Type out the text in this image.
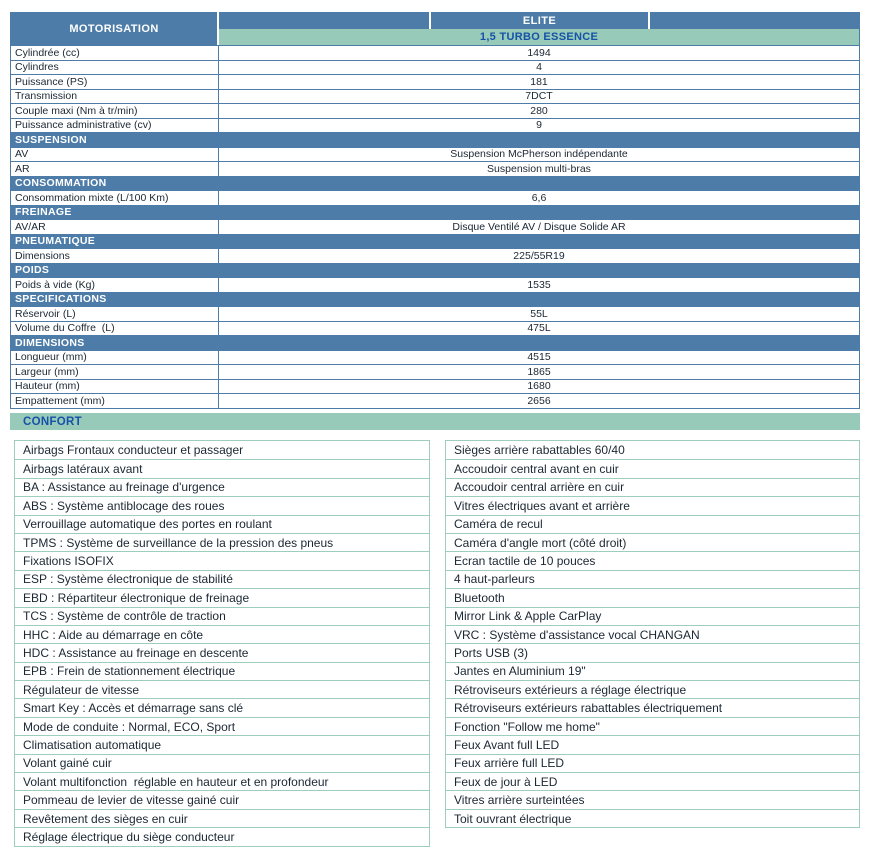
MOTORISATION
ELITE
1,5 TURBO ESSENCE
Cylindrée (cc)	1494
Cylindres	4
Puissance (PS)	181
Transmission	7DCT
Couple maxi (Nm à tr/min)	280
Puissance administrative (cv)	9
SUSPENSION
AV	Suspension McPherson indépendante
AR	Suspension multi-bras
CONSOMMATION
Consommation mixte (L/100 Km)	6,6
FREINAGE
AV/AR	Disque Ventilé AV / Disque Solide AR
PNEUMATIQUE
Dimensions	225/55R19
POIDS
Poids à vide (Kg)	1535
SPECIFICATIONS
Réservoir (L)	55L
Volume du Coffre  (L)	475L
DIMENSIONS
Longueur (mm)	4515
Largeur (mm)	1865
Hauteur (mm)	1680
Empattement (mm)	2656
CONFORT
Airbags Frontaux conducteur et passager
Airbags latéraux avant
BA : Assistance au freinage d'urgence
ABS : Système antiblocage des roues
Verrouillage automatique des portes en roulant
TPMS : Système de surveillance de la pression des pneus
Fixations ISOFIX
ESP : Système électronique de stabilité
EBD : Répartiteur électronique de freinage
TCS : Système de contrôle de traction
HHC : Aide au démarrage en côte
HDC : Assistance au freinage en descente
EPB : Frein de stationnement électrique
Régulateur de vitesse
Smart Key : Accès et démarrage sans clé
Mode de conduite : Normal, ECO, Sport
Climatisation automatique
Volant gainé cuir
Volant multifonction  réglable en hauteur et en profondeur
Pommeau de levier de vitesse gainé cuir
Revêtement des sièges en cuir
Réglage électrique du siège conducteur
Sièges arrière rabattables 60/40
Accoudoir central avant en cuir
Accoudoir central arrière en cuir
Vitres électriques avant et arrière
Caméra de recul
Caméra d'angle mort (côté droit)
Ecran tactile de 10 pouces
4 haut-parleurs
Bluetooth
Mirror Link & Apple CarPlay
VRC : Système d'assistance vocal CHANGAN
Ports USB (3)
Jantes en Aluminium 19"
Rétroviseurs extérieurs a réglage électrique
Rétroviseurs extérieurs rabattables électriquement
Fonction "Follow me home"
Feux Avant full LED
Feux arrière full LED
Feux de jour à LED
Vitres arrière surteintées
Toit ouvrant électrique
